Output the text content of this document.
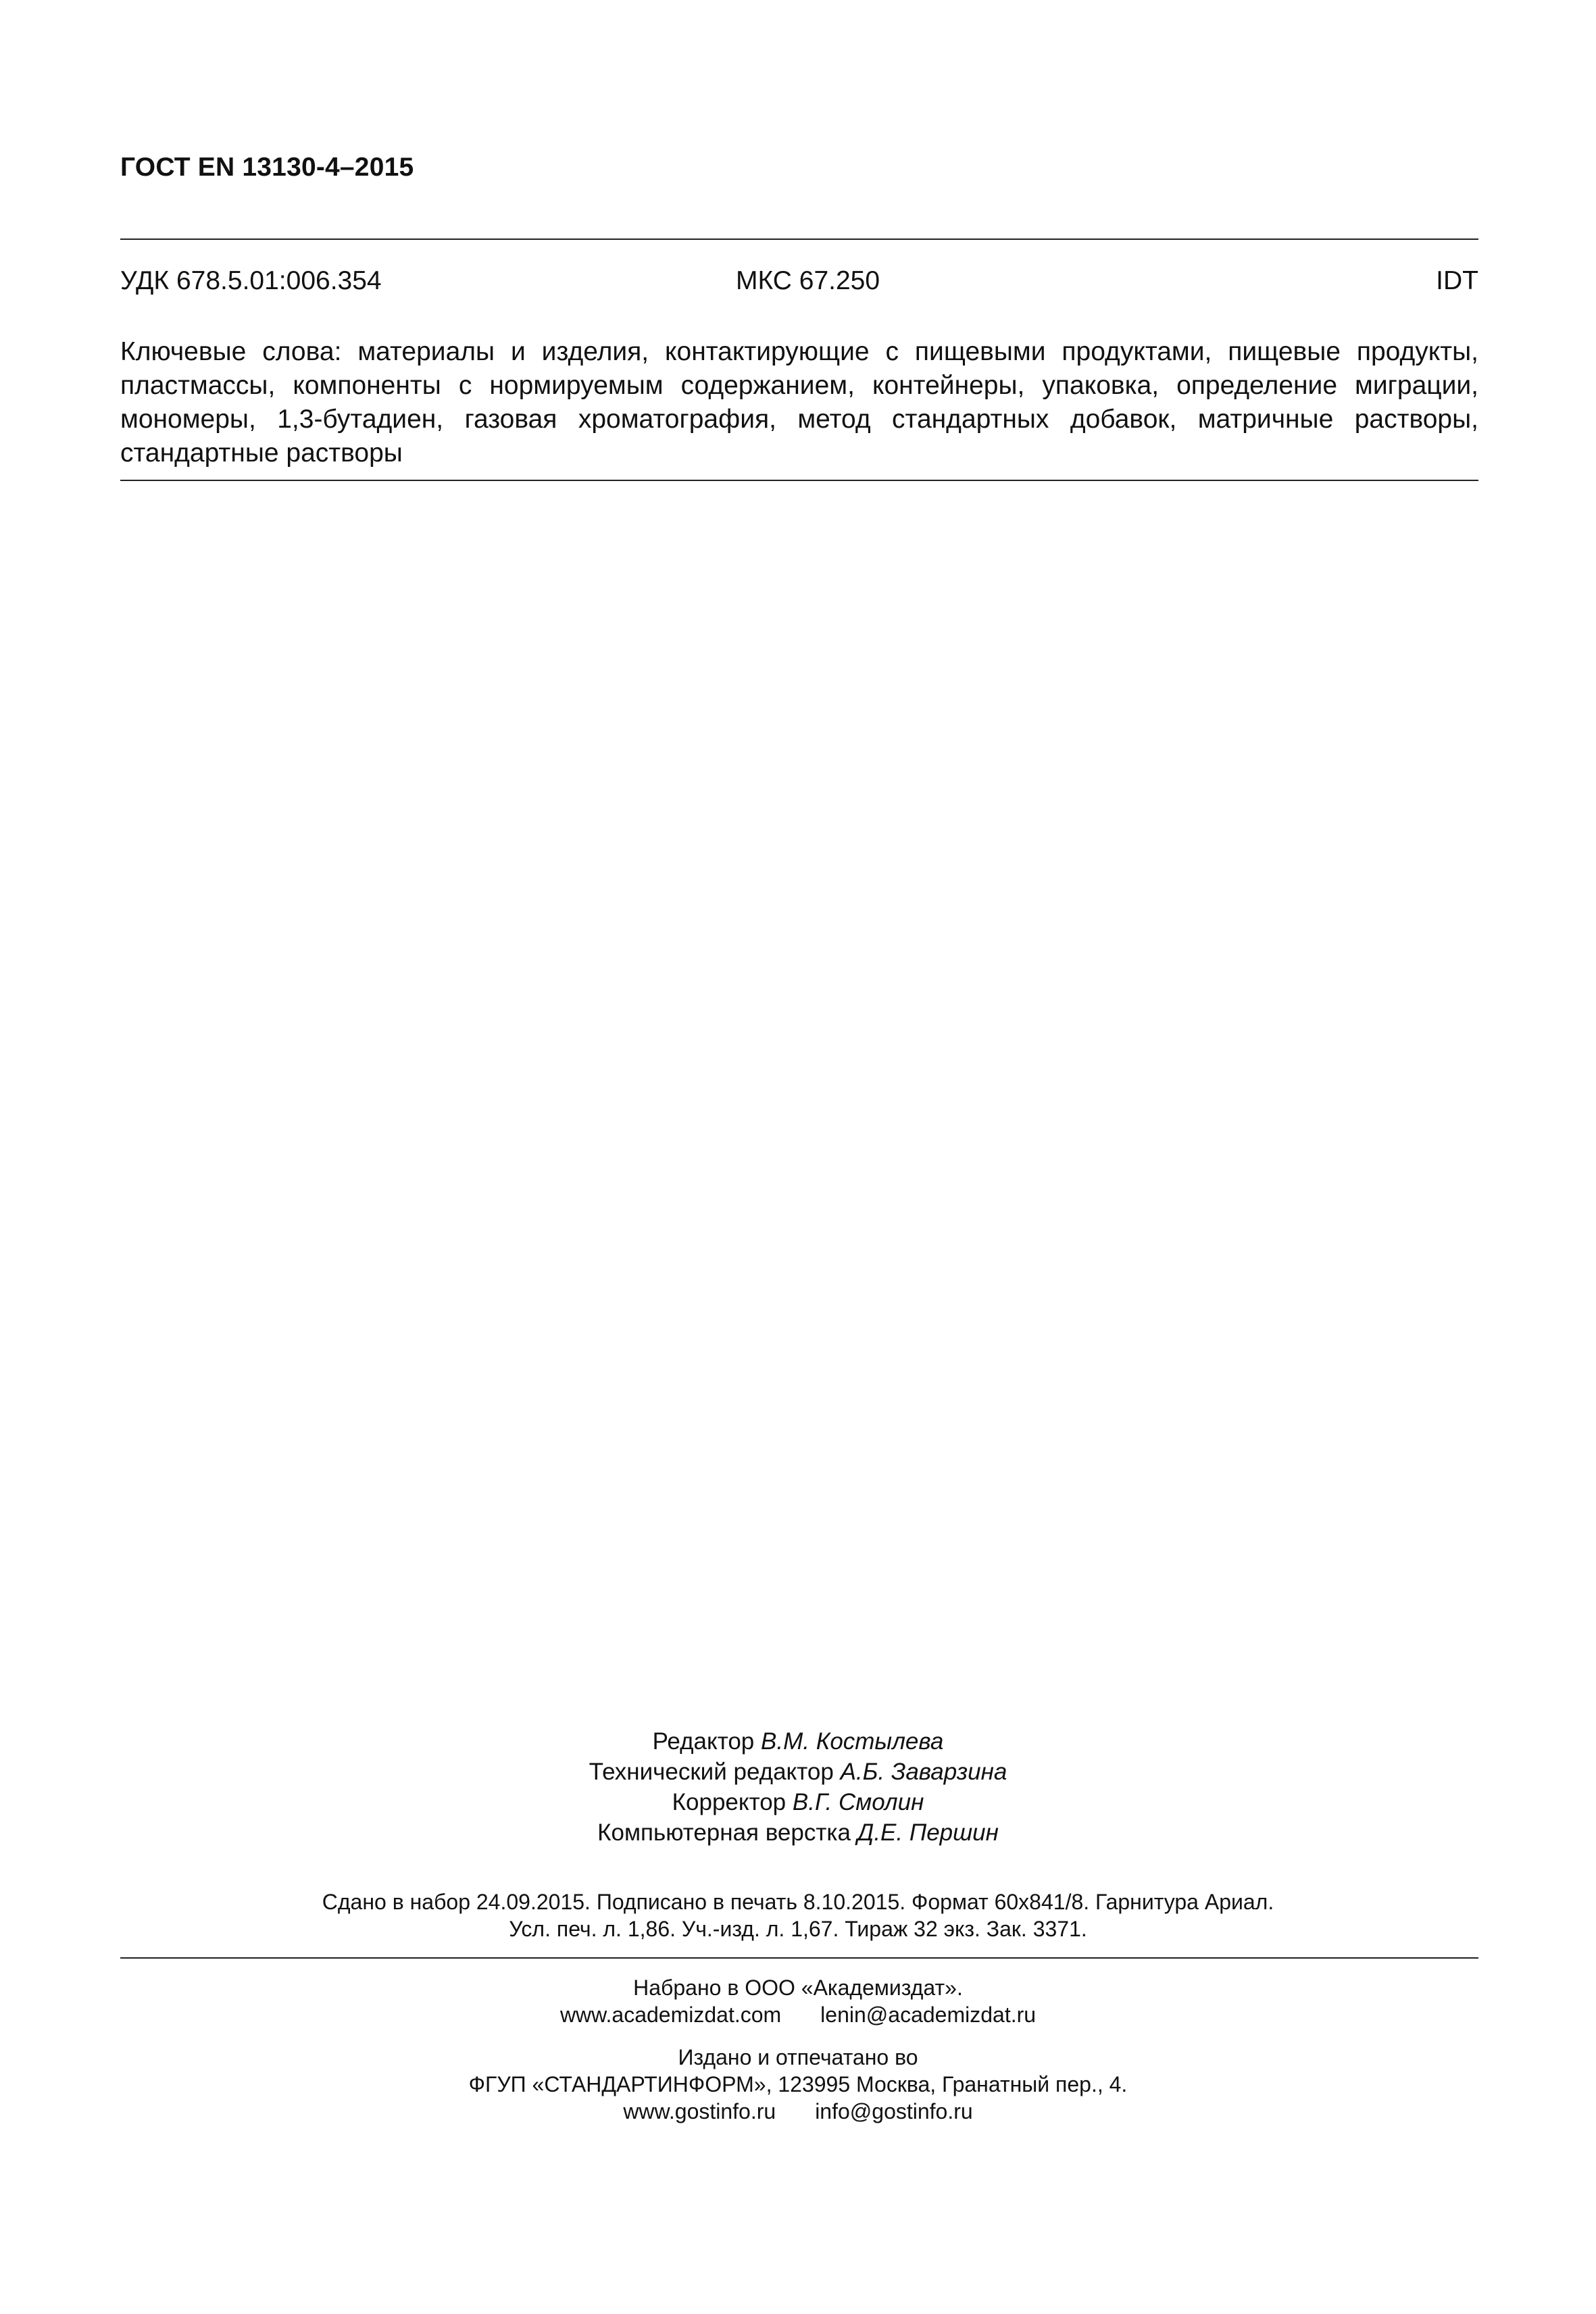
ГОСТ EN 13130-4–2015
УДК 678.5.01:006.354	МКС 67.250	IDT
Ключевые слова: материалы и изделия, контактирующие с пищевыми продуктами, пищевые продукты, пластмассы, компоненты с нормируемым содержанием, контейнеры, упаковка, определение миграции, мономеры, 1,3-бутадиен, газовая хроматография, метод стандартных добавок, матричные растворы, стандартные растворы
Редактор В.М. Костылева
Технический редактор А.Б. Заварзина
Корректор В.Г. Смолин
Компьютерная верстка Д.Е. Першин
Сдано в набор 24.09.2015. Подписано в печать 8.10.2015. Формат 60x841/8. Гарнитура Ариал.
Усл. печ. л. 1,86. Уч.-изд. л. 1,67. Тираж 32 экз. Зак. 3371.
Набрано в ООО «Академиздат».
www.academizdat.com lenin@academizdat.ru
Издано и отпечатано во
ФГУП «СТАНДАРТИНФОРМ», 123995 Москва, Гранатный пер., 4.
www.gostinfo.ru info@gostinfo.ru
